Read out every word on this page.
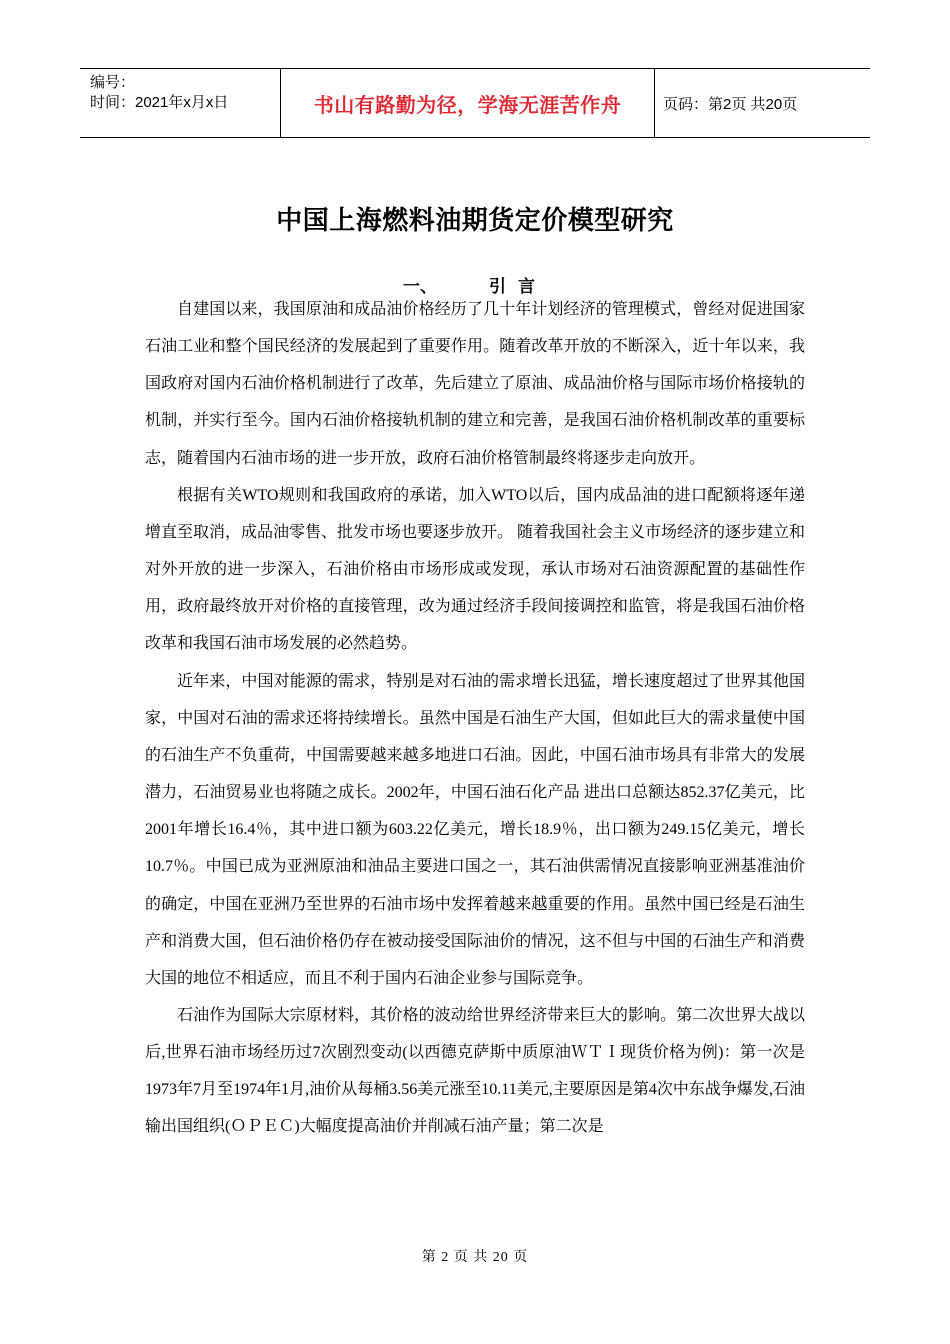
编号：
时间：2021年x月x日	书山有路勤为径，学海无涯苦作舟	页码：第2页 共20页
中国上海燃料油期货定价模型研究
一、	引言

自建国以来，我国原油和成品油价格经历了几十年计划经济的管理模式，曾经对促进国家石油工业和整个国民经济的发展起到了重要作用。随着改革开放的不断深入，近十年以来，我国政府对国内石油价格机制进行了改革，先后建立了原油、成品油价格与国际市场价格接轨的机制，并实行至今。国内石油价格接轨机制的建立和完善，是我国石油价格机制改革的重要标志，随着国内石油市场的进一步开放，政府石油价格管制最终将逐步走向放开。

根据有关WTO规则和我国政府的承诺，加入WTO以后，国内成品油的进口配额将逐年递增直至取消，成品油零售、批发市场也要逐步放开。 随着我国社会主义市场经济的逐步建立和对外开放的进一步深入，石油价格由市场形成或发现，承认市场对石油资源配置的基础性作用，政府最终放开对价格的直接管理，改为通过经济手段间接调控和监管，将是我国石油价格改革和我国石油市场发展的必然趋势。

近年来，中国对能源的需求，特别是对石油的需求增长迅猛，增长速度超过了世界其他国家，中国对石油的需求还将持续增长。虽然中国是石油生产大国，但如此巨大的需求量使中国的石油生产不负重荷，中国需要越来越多地进口石油。因此，中国石油市场具有非常大的发展潜力，石油贸易业也将随之成长。2002年，中国石油石化产品 进出口总额达852.37亿美元，比2001年增长16.4％，其中进口额为603.22亿美元，增长18.9％，出口额为249.15亿美元，增长10.7％。中国已成为亚洲原油和油品主要进口国之一，其石油供需情况直接影响亚洲基准油价的确定，中国在亚洲乃至世界的石油市场中发挥着越来越重要的作用。虽然中国已经是石油生产和消费大国，但石油价格仍存在被动接受国际油价的情况，这不但与中国的石油生产和消费大国的地位不相适应，而且不利于国内石油企业参与国际竞争。

石油作为国际大宗原材料，其价格的波动给世界经济带来巨大的影响。第二次世界大战以后,世界石油市场经历过7次剧烈变动(以西德克萨斯中质原油ＷＴＩ现货价格为例)：第一次是1973年7月至1974年1月,油价从每桶3.56美元涨至10.11美元,主要原因是第4次中东战争爆发,石油输出国组织(ＯＰＥＣ)大幅度提高油价并削减石油产量；第二次是

第 2 页 共 20 页
